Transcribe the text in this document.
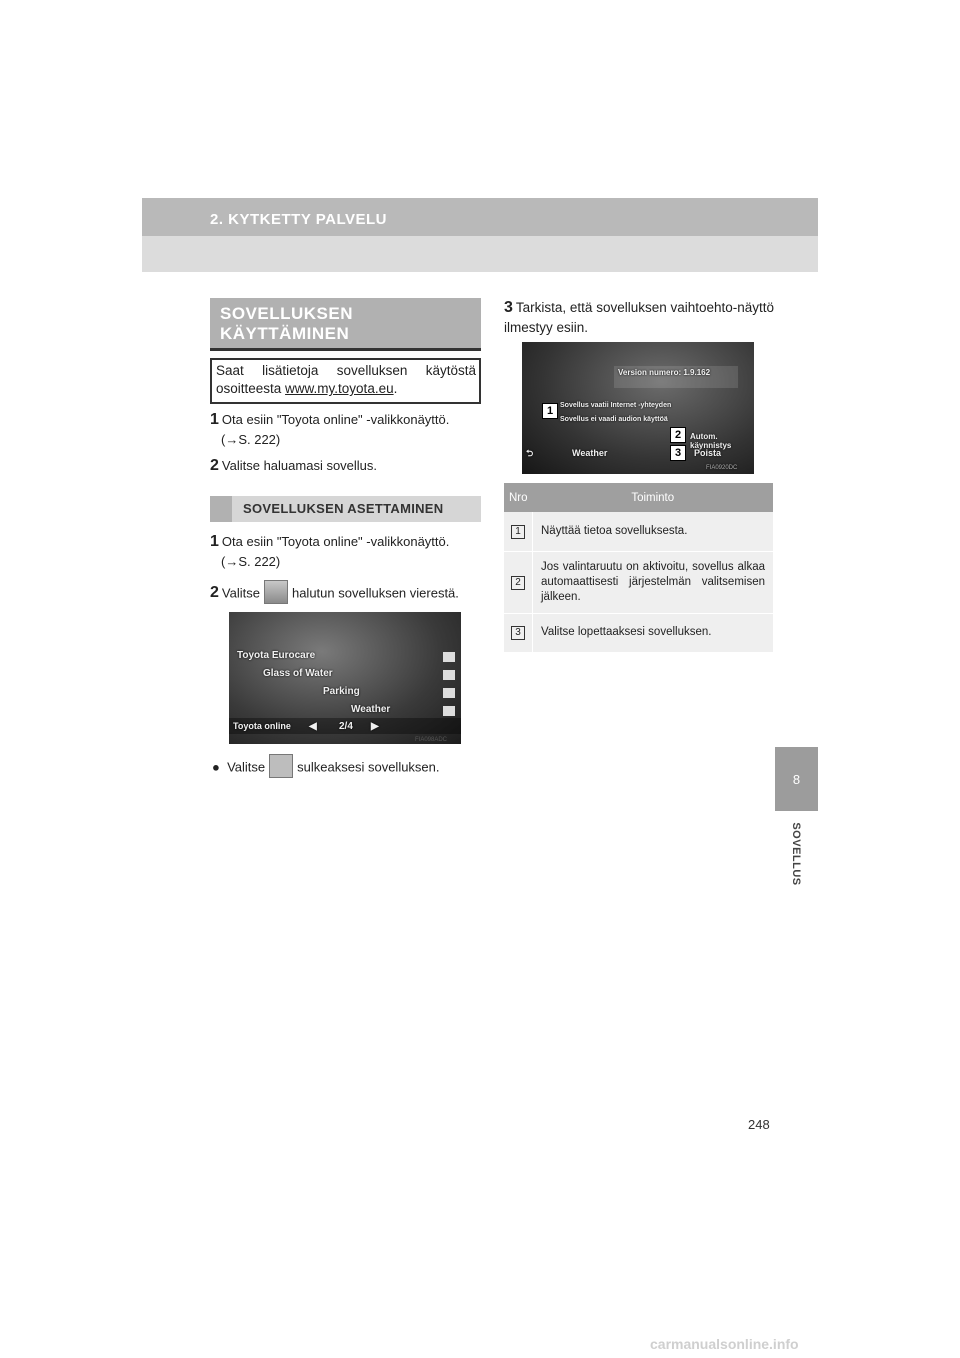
2. KYTKETTY PALVELU
8
SOVELLUS
SOVELLUKSEN KÄYTTÄMINEN
Saat lisätietoja sovelluksen käytöstä osoitteesta www.my.toyota.eu.
1 Ota esiin "Toyota online" -valikkonäyttö.
(→S. 222)
2 Valitse haluamasi sovellus.
SOVELLUKSEN ASETTAMINEN
1 Ota esiin "Toyota online" -valikkonäyttö.
(→S. 222)
2 Valitse halutun sovelluksen vierestä.
Toyota Eurocare
Glass of Water
Parking
Weather
Toyota online ◀ 2/4 ▶
FIA098ADC
● Valitse sulkeaksesi sovelluksen.
3 Tarkista, että sovelluksen vaihtoehto-näyttö ilmestyy esiin.
Version numero: 1.9.162
Sovellus vaatii Internet -yhteyden
Sovellus ei vaadi audion käyttöä
Autom. käynnistys
⮌	Weather	Poista
FIA0920DC
1
2
3
Nro	Toiminto
1	Näyttää tietoa sovelluksesta.
2	Jos valintaruutu on aktivoitu, sovellus alkaa automaattisesti järjestelmän valitsemisen jälkeen.
3	Valitse lopettaaksesi sovelluksen.
248
carmanualsonline.info
